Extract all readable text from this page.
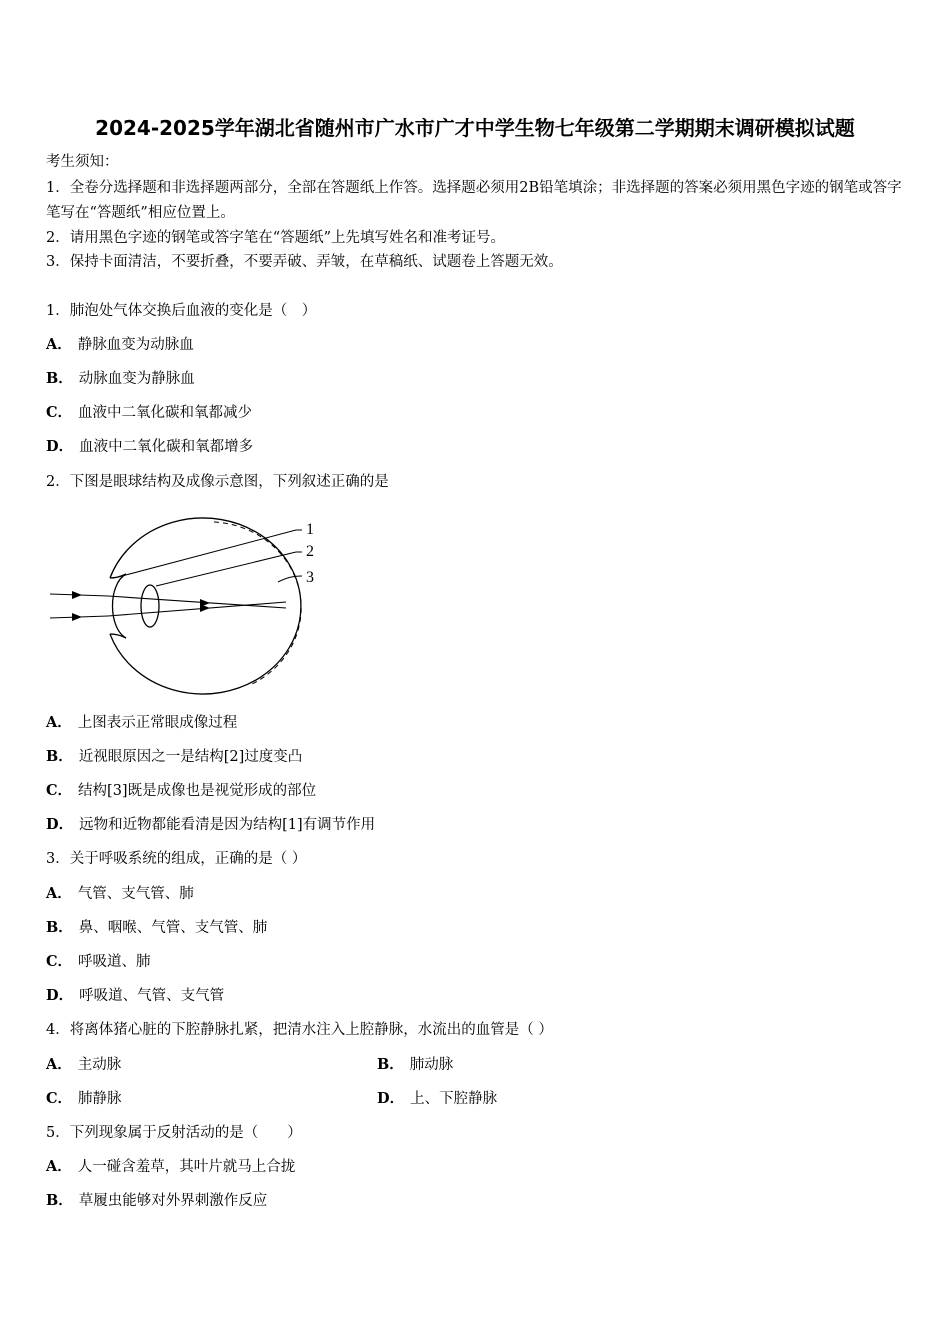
2024-2025学年湖北省随州市广水市广才中学生物七年级第二学期期末调研模拟试题
考生须知：
1．全卷分选择题和非选择题两部分，全部在答题纸上作答。选择题必须用2B铅笔填涂；非选择题的答案必须用黑色字迹的钢笔或答字笔写在“答题纸”相应位置上。
2．请用黑色字迹的钢笔或答字笔在“答题纸”上先填写姓名和准考证号。
3．保持卡面清洁，不要折叠，不要弄破、弄皱，在草稿纸、试题卷上答题无效。
1．肺泡处气体交换后血液的变化是（　）
A． 静脉血变为动脉血
B． 动脉血变为静脉血
C． 血液中二氧化碳和氧都减少
D． 血液中二氧化碳和氧都增多
2．下图是眼球结构及成像示意图，下列叙述正确的是
1
2
3
A． 上图表示正常眼成像过程
B． 近视眼原因之一是结构[2]过度变凸
C． 结构[3]既是成像也是视觉形成的部位
D． 远物和近物都能看清是因为结构[1]有调节作用
3．关于呼吸系统的组成，正确的是（ ）
A． 气管、支气管、肺
B． 鼻、咽喉、气管、支气管、肺
C． 呼吸道、肺
D． 呼吸道、气管、支气管
4．将离体猪心脏的下腔静脉扎紧，把清水注入上腔静脉，水流出的血管是（ ）
A． 主动脉	B． 肺动脉
C． 肺静脉	D． 上、下腔静脉
5．下列现象属于反射活动的是（　　）
A． 人一碰含羞草，其叶片就马上合拢
B． 草履虫能够对外界刺激作反应
